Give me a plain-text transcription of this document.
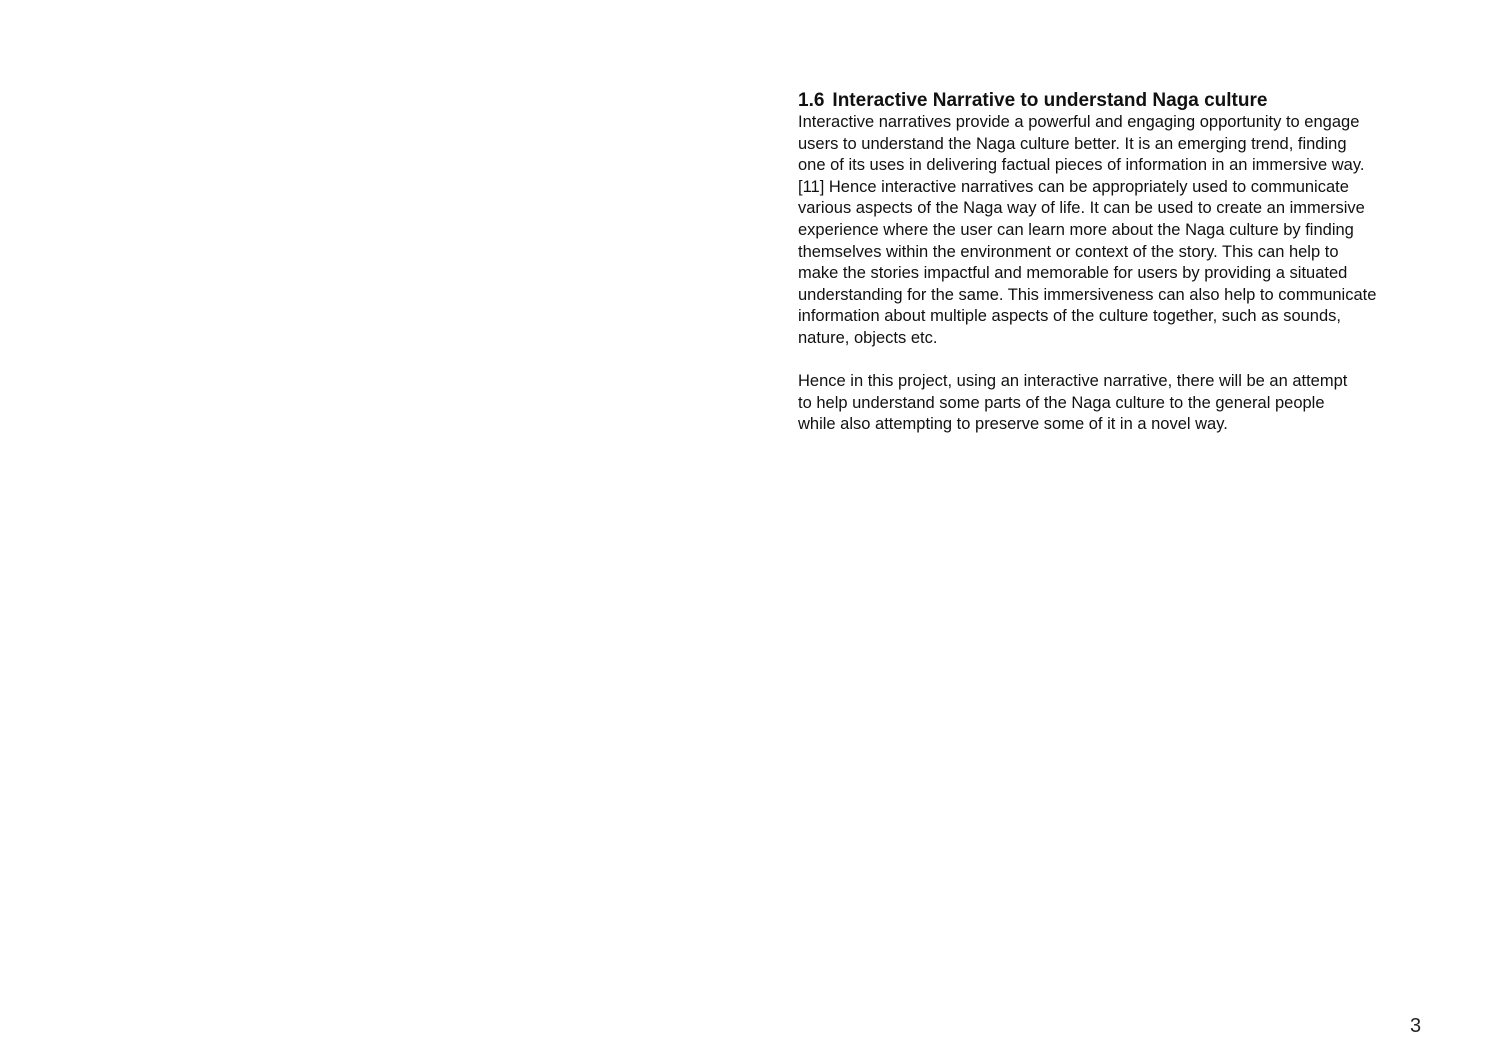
1.6 Interactive Narrative to understand Naga culture

Interactive narratives provide a powerful and engaging opportunity to engage
users to understand the Naga culture better. It is an emerging trend, finding
one of its uses in delivering factual pieces of information in an immersive way.
[11] Hence interactive narratives can be appropriately used to communicate
various aspects of the Naga way of life. It can be used to create an immersive
experience where the user can learn more about the Naga culture by finding
themselves within the environment or context of the story. This can help to
make the stories impactful and memorable for users by providing a situated
understanding for the same. This immersiveness can also help to communicate
information about multiple aspects of the culture together, such as sounds,
nature, objects etc.

Hence in this project, using an interactive narrative, there will be an attempt
to help understand some parts of the Naga culture to the general people
while also attempting to preserve some of it in a novel way.

3
